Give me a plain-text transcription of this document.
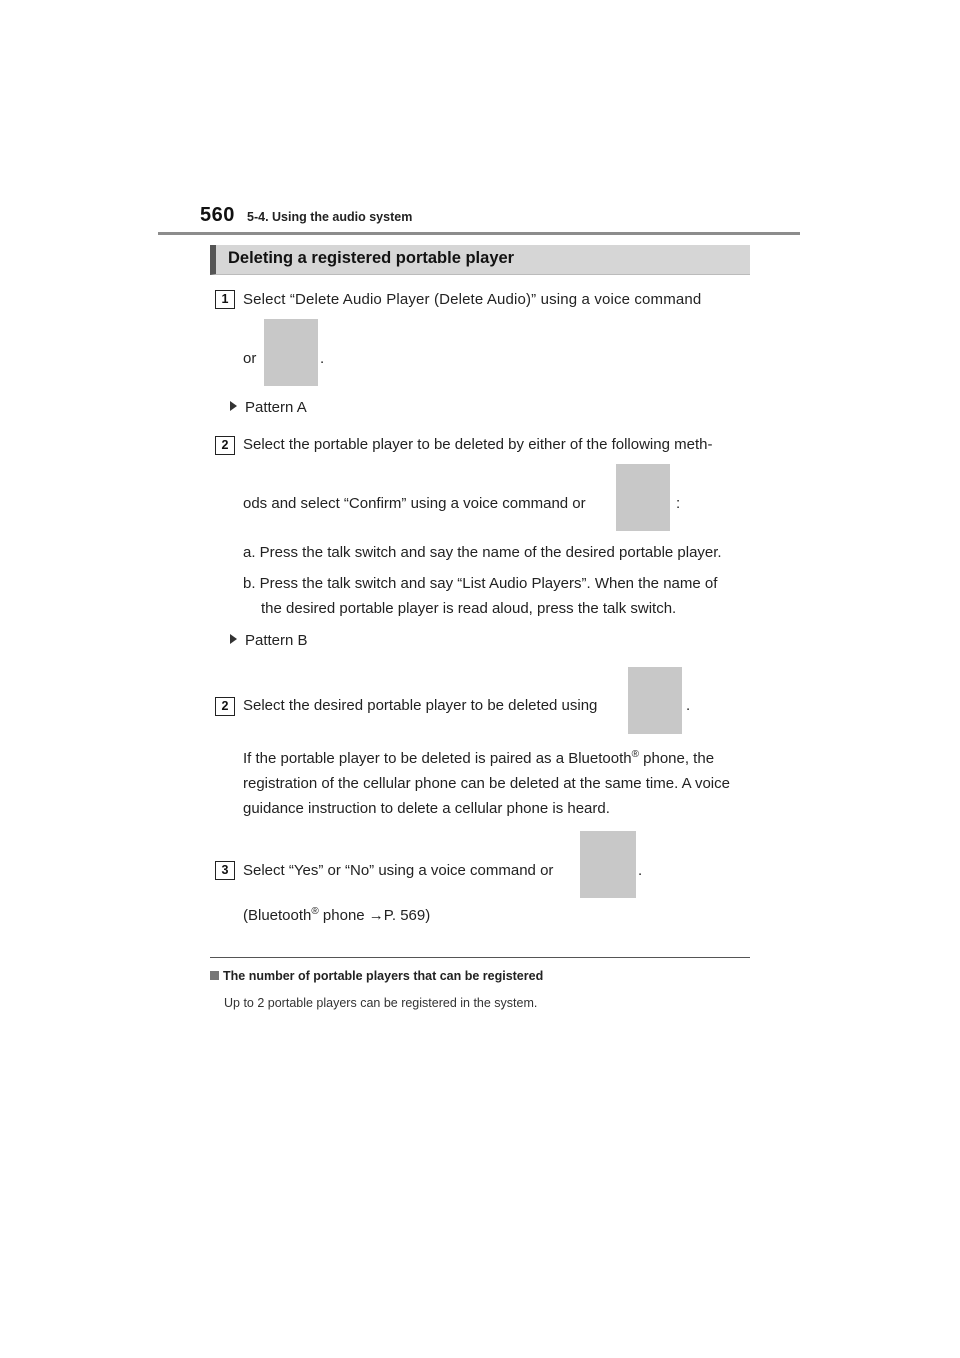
560 5-4. Using the audio system
Deleting a registered portable player
1 Select “Delete Audio Player (Delete Audio)” using a voice command
or	.
Pattern A
2 Select the portable player to be deleted by either of the following meth-
ods and select “Confirm” using a voice command or	:
a. Press the talk switch and say the name of the desired portable player.
b. Press the talk switch and say “List Audio Players”. When the name of
the desired portable player is read aloud, press the talk switch.
Pattern B
2 Select the desired portable player to be deleted using	.
If the portable player to be deleted is paired as a Bluetooth® phone, the registration of the cellular phone can be deleted at the same time. A voice guidance instruction to delete a cellular phone is heard.
3 Select “Yes” or “No” using a voice command or	.
(Bluetooth® phone →P. 569)
The number of portable players that can be registered
Up to 2 portable players can be registered in the system.
